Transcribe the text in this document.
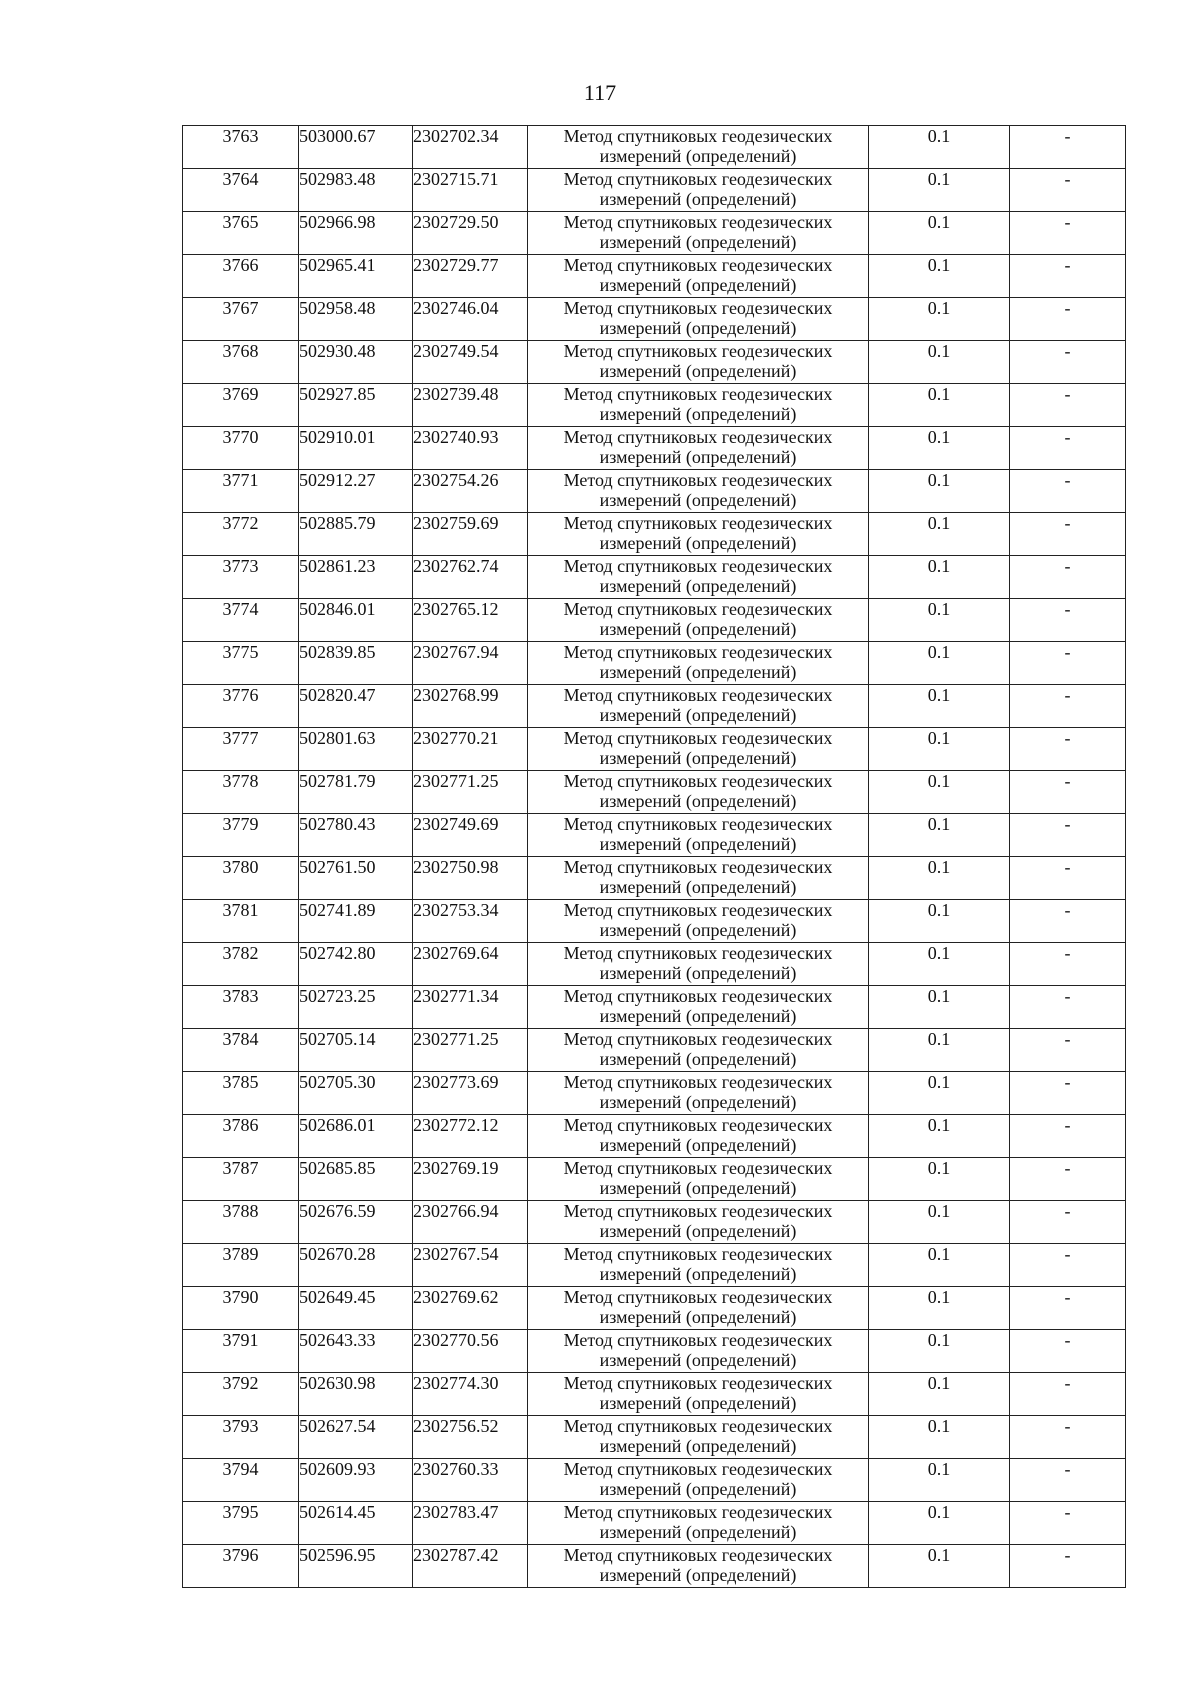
117
3763	503000.67	2302702.34	Метод спутниковых геодезических измерений (определений)	0.1	-
3764	502983.48	2302715.71	Метод спутниковых геодезических измерений (определений)	0.1	-
3765	502966.98	2302729.50	Метод спутниковых геодезических измерений (определений)	0.1	-
3766	502965.41	2302729.77	Метод спутниковых геодезических измерений (определений)	0.1	-
3767	502958.48	2302746.04	Метод спутниковых геодезических измерений (определений)	0.1	-
3768	502930.48	2302749.54	Метод спутниковых геодезических измерений (определений)	0.1	-
3769	502927.85	2302739.48	Метод спутниковых геодезических измерений (определений)	0.1	-
3770	502910.01	2302740.93	Метод спутниковых геодезических измерений (определений)	0.1	-
3771	502912.27	2302754.26	Метод спутниковых геодезических измерений (определений)	0.1	-
3772	502885.79	2302759.69	Метод спутниковых геодезических измерений (определений)	0.1	-
3773	502861.23	2302762.74	Метод спутниковых геодезических измерений (определений)	0.1	-
3774	502846.01	2302765.12	Метод спутниковых геодезических измерений (определений)	0.1	-
3775	502839.85	2302767.94	Метод спутниковых геодезических измерений (определений)	0.1	-
3776	502820.47	2302768.99	Метод спутниковых геодезических измерений (определений)	0.1	-
3777	502801.63	2302770.21	Метод спутниковых геодезических измерений (определений)	0.1	-
3778	502781.79	2302771.25	Метод спутниковых геодезических измерений (определений)	0.1	-
3779	502780.43	2302749.69	Метод спутниковых геодезических измерений (определений)	0.1	-
3780	502761.50	2302750.98	Метод спутниковых геодезических измерений (определений)	0.1	-
3781	502741.89	2302753.34	Метод спутниковых геодезических измерений (определений)	0.1	-
3782	502742.80	2302769.64	Метод спутниковых геодезических измерений (определений)	0.1	-
3783	502723.25	2302771.34	Метод спутниковых геодезических измерений (определений)	0.1	-
3784	502705.14	2302771.25	Метод спутниковых геодезических измерений (определений)	0.1	-
3785	502705.30	2302773.69	Метод спутниковых геодезических измерений (определений)	0.1	-
3786	502686.01	2302772.12	Метод спутниковых геодезических измерений (определений)	0.1	-
3787	502685.85	2302769.19	Метод спутниковых геодезических измерений (определений)	0.1	-
3788	502676.59	2302766.94	Метод спутниковых геодезических измерений (определений)	0.1	-
3789	502670.28	2302767.54	Метод спутниковых геодезических измерений (определений)	0.1	-
3790	502649.45	2302769.62	Метод спутниковых геодезических измерений (определений)	0.1	-
3791	502643.33	2302770.56	Метод спутниковых геодезических измерений (определений)	0.1	-
3792	502630.98	2302774.30	Метод спутниковых геодезических измерений (определений)	0.1	-
3793	502627.54	2302756.52	Метод спутниковых геодезических измерений (определений)	0.1	-
3794	502609.93	2302760.33	Метод спутниковых геодезических измерений (определений)	0.1	-
3795	502614.45	2302783.47	Метод спутниковых геодезических измерений (определений)	0.1	-
3796	502596.95	2302787.42	Метод спутниковых геодезических измерений (определений)	0.1	-
